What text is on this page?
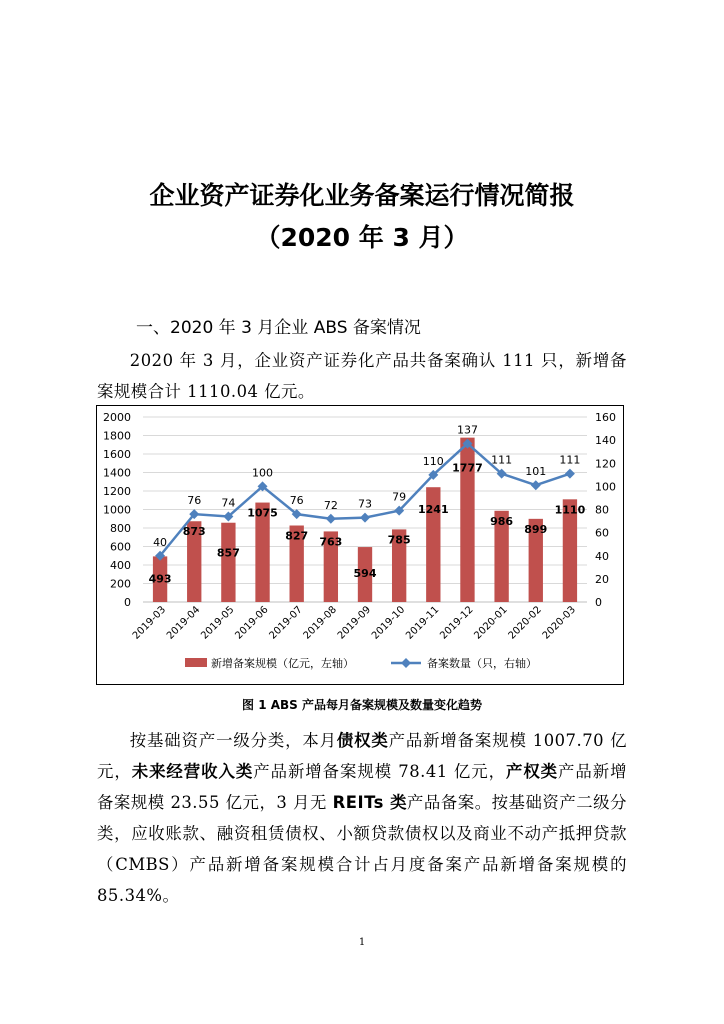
企业资产证券化业务备案运行情况简报
（2020 年 3 月）
一、2020 年 3 月企业 ABS 备案情况

2020 年 3 月，企业资产证券化产品共备案确认 111 只，新增备案规模合计 1110.04 亿元。

0
200
400
600
800
1000
1200
1400
1600
1800
2000
0
20
40
60
80
100
120
140
160
493
873
857
1075
827 763
594
785
1241
1777
986
899
1110
40
76 74
100
76 72 73
79
110
137
111
101
111
2019-03
2019-04
2019-05
2019-06
2019-07
2019-08
2019-09
2019-10
2019-11
2019-12
2020-01
2020-02
2020-03
新增备案规模（亿元，左轴）	备案数量（只，右轴）

图 1 ABS 产品每月备案规模及数量变化趋势

按基础资产一级分类，本月债权类产品新增备案规模 1007.70 亿元，未来经营收入类产品新增备案规模 78.41 亿元，产权类产品新增备案规模 23.55 亿元，3 月无 REITs 类产品备案。按基础资产二级分类，应收账款、融资租赁债权、小额贷款债权以及商业不动产抵押贷款（CMBS）产品新增备案规模合计占月度备案产品新增备案规模的 85.34%。

1
